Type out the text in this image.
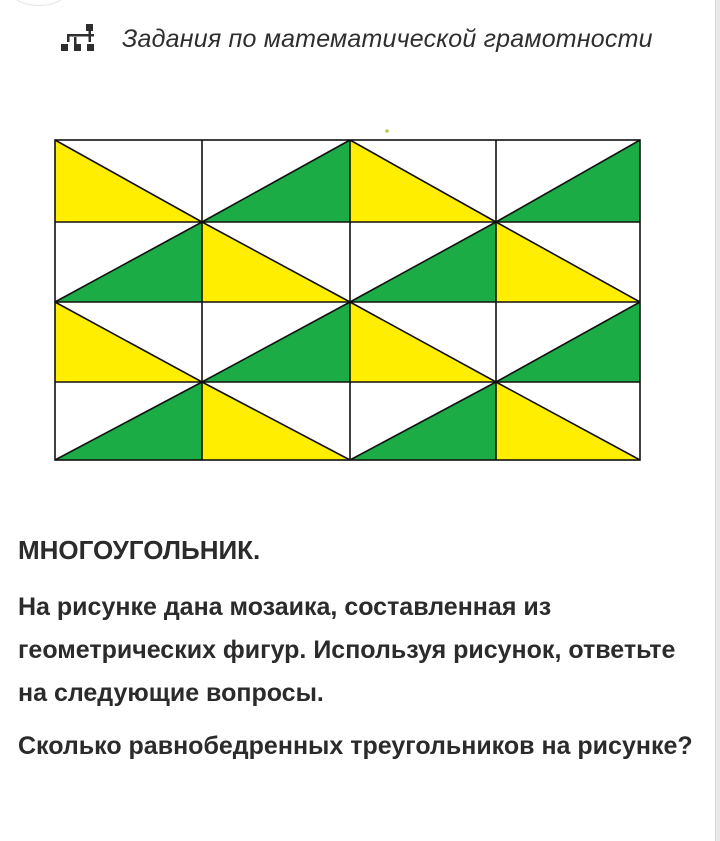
Задания по математической грамотности
МНОГОУГОЛЬНИК.
На рисунке дана мозаика, составленная из геометрических фигур. Используя рисунок, ответьте на следующие вопросы.
Сколько равнобедренных треугольников на рисунке?
